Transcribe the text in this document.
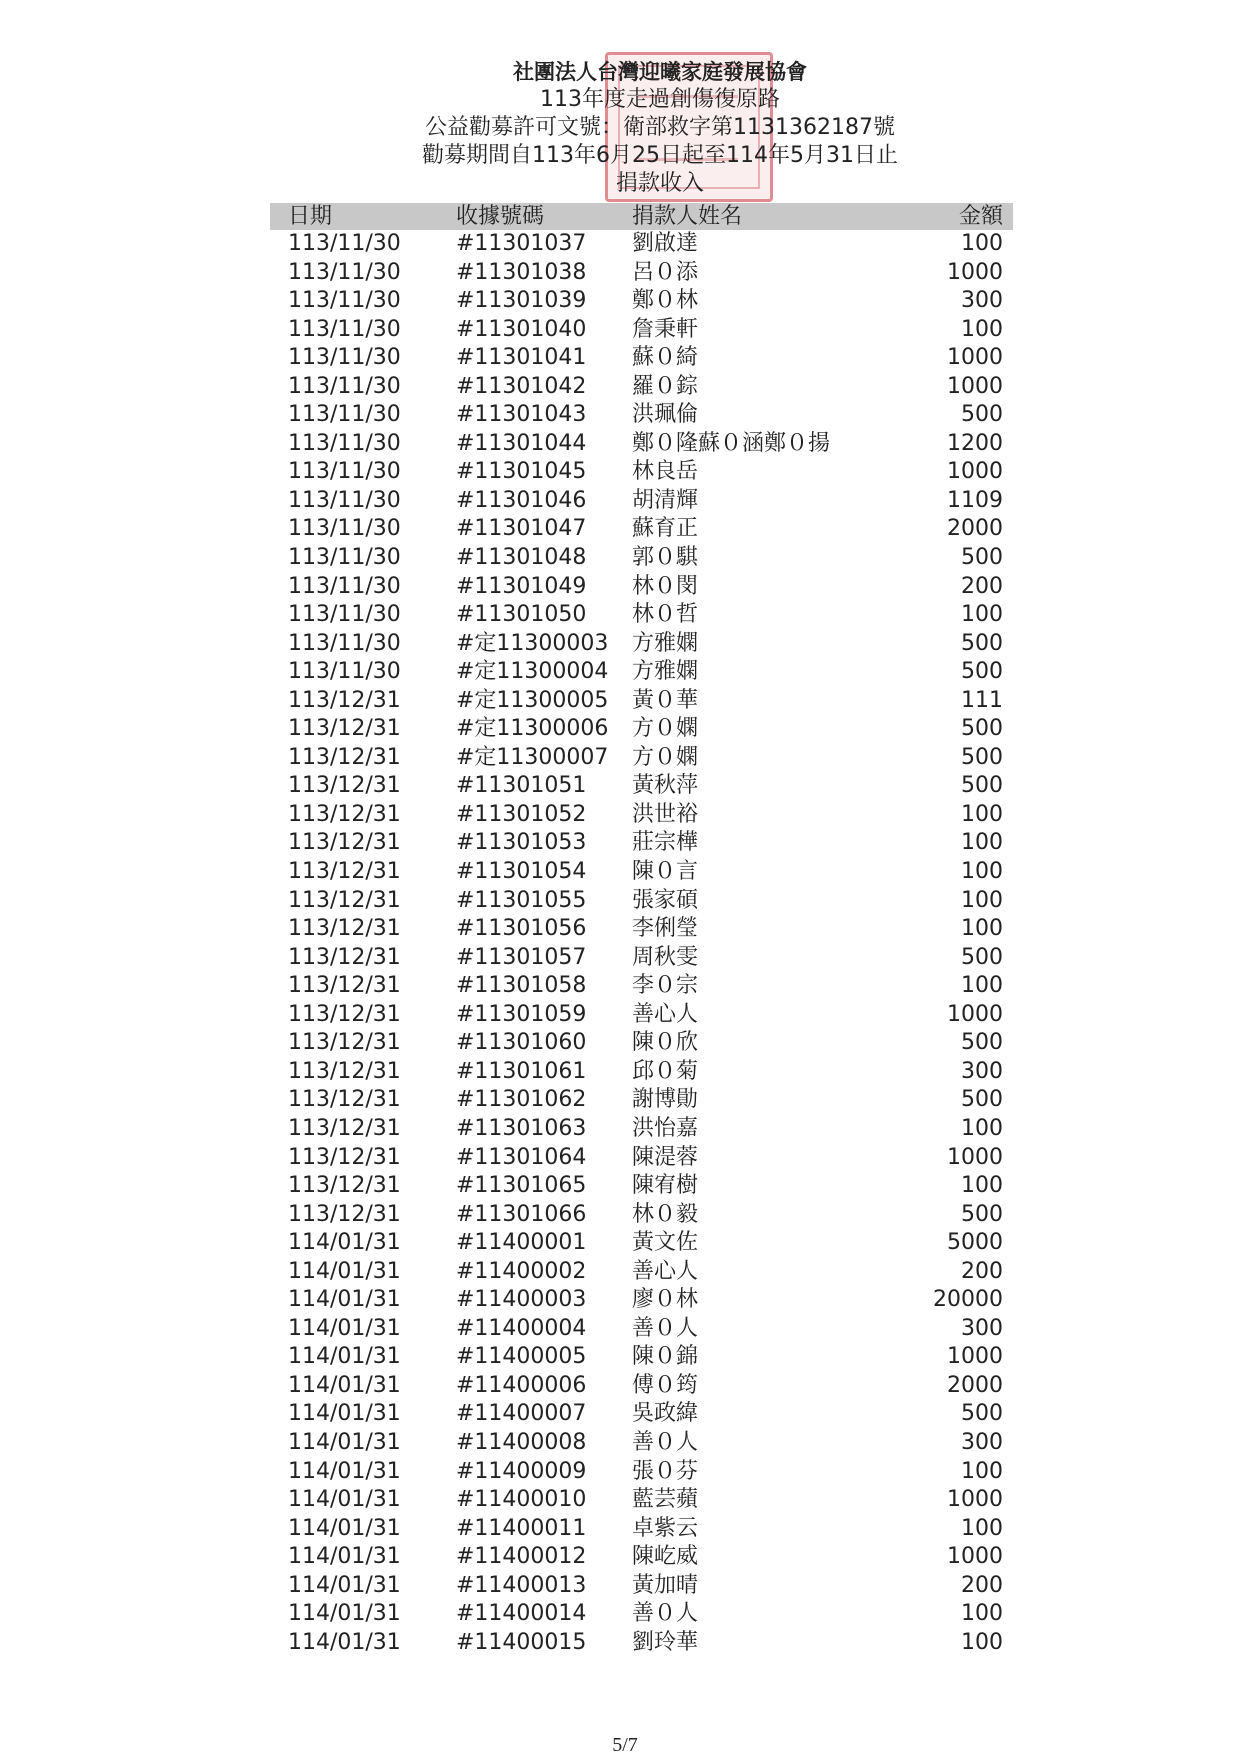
社團法人台灣迎曦家庭發展協會
113年度走過創傷復原路
公益勸募許可文號：衛部救字第1131362187號
勸募期間自113年6月25日起至114年5月31日止
捐款收入
日期	收據號碼	捐款人姓名	金額
113/11/30	#11301037 劉啟達	100
113/11/30	#11301038 呂０添	1000
113/11/30	#11301039 鄭０林	300
113/11/30	#11301040 詹秉軒	100
113/11/30	#11301041 蘇０綺	1000
113/11/30	#11301042 羅０錝	1000
113/11/30	#11301043 洪珮倫	500
113/11/30	#11301044 鄭０隆蘇０涵鄭０揚	1200
113/11/30	#11301045 林良岳	1000
113/11/30	#11301046 胡清輝	1109
113/11/30	#11301047 蘇育正	2000
113/11/30	#11301048 郭０騏	500
113/11/30	#11301049 林０閔	200
113/11/30	#11301050 林０哲	100
113/11/30	#定11300003 方雅嫻	500
113/11/30	#定11300004 方雅嫻	500
113/12/31	#定11300005 黃０華	111
113/12/31	#定11300006 方０嫻	500
113/12/31	#定11300007 方０嫻	500
113/12/31	#11301051 黃秋萍	500
113/12/31	#11301052 洪世裕	100
113/12/31	#11301053 莊宗樺	100
113/12/31	#11301054 陳０言	100
113/12/31	#11301055 張家碩	100
113/12/31	#11301056 李俐瑩	100
113/12/31	#11301057 周秋雯	500
113/12/31	#11301058 李０宗	100
113/12/31	#11301059 善心人	1000
113/12/31	#11301060 陳０欣	500
113/12/31	#11301061 邱０菊	300
113/12/31	#11301062 謝博勛	500
113/12/31	#11301063 洪怡嘉	100
113/12/31	#11301064 陳湜蓉	1000
113/12/31	#11301065 陳宥樹	100
113/12/31	#11301066 林０毅	500
114/01/31	#11400001 黃文佐	5000
114/01/31	#11400002 善心人	200
114/01/31	#11400003 廖０林	20000
114/01/31	#11400004 善０人	300
114/01/31	#11400005 陳０錦	1000
114/01/31	#11400006 傅０筠	2000
114/01/31	#11400007 吳政緯	500
114/01/31	#11400008 善０人	300
114/01/31	#11400009 張０芬	100
114/01/31	#11400010 藍芸蘋	1000
114/01/31	#11400011 卓紫云	100
114/01/31	#11400012 陳屹威	1000
114/01/31	#11400013 黃加晴	200
114/01/31	#11400014 善０人	100
114/01/31	#11400015 劉玲華	100
5/7
